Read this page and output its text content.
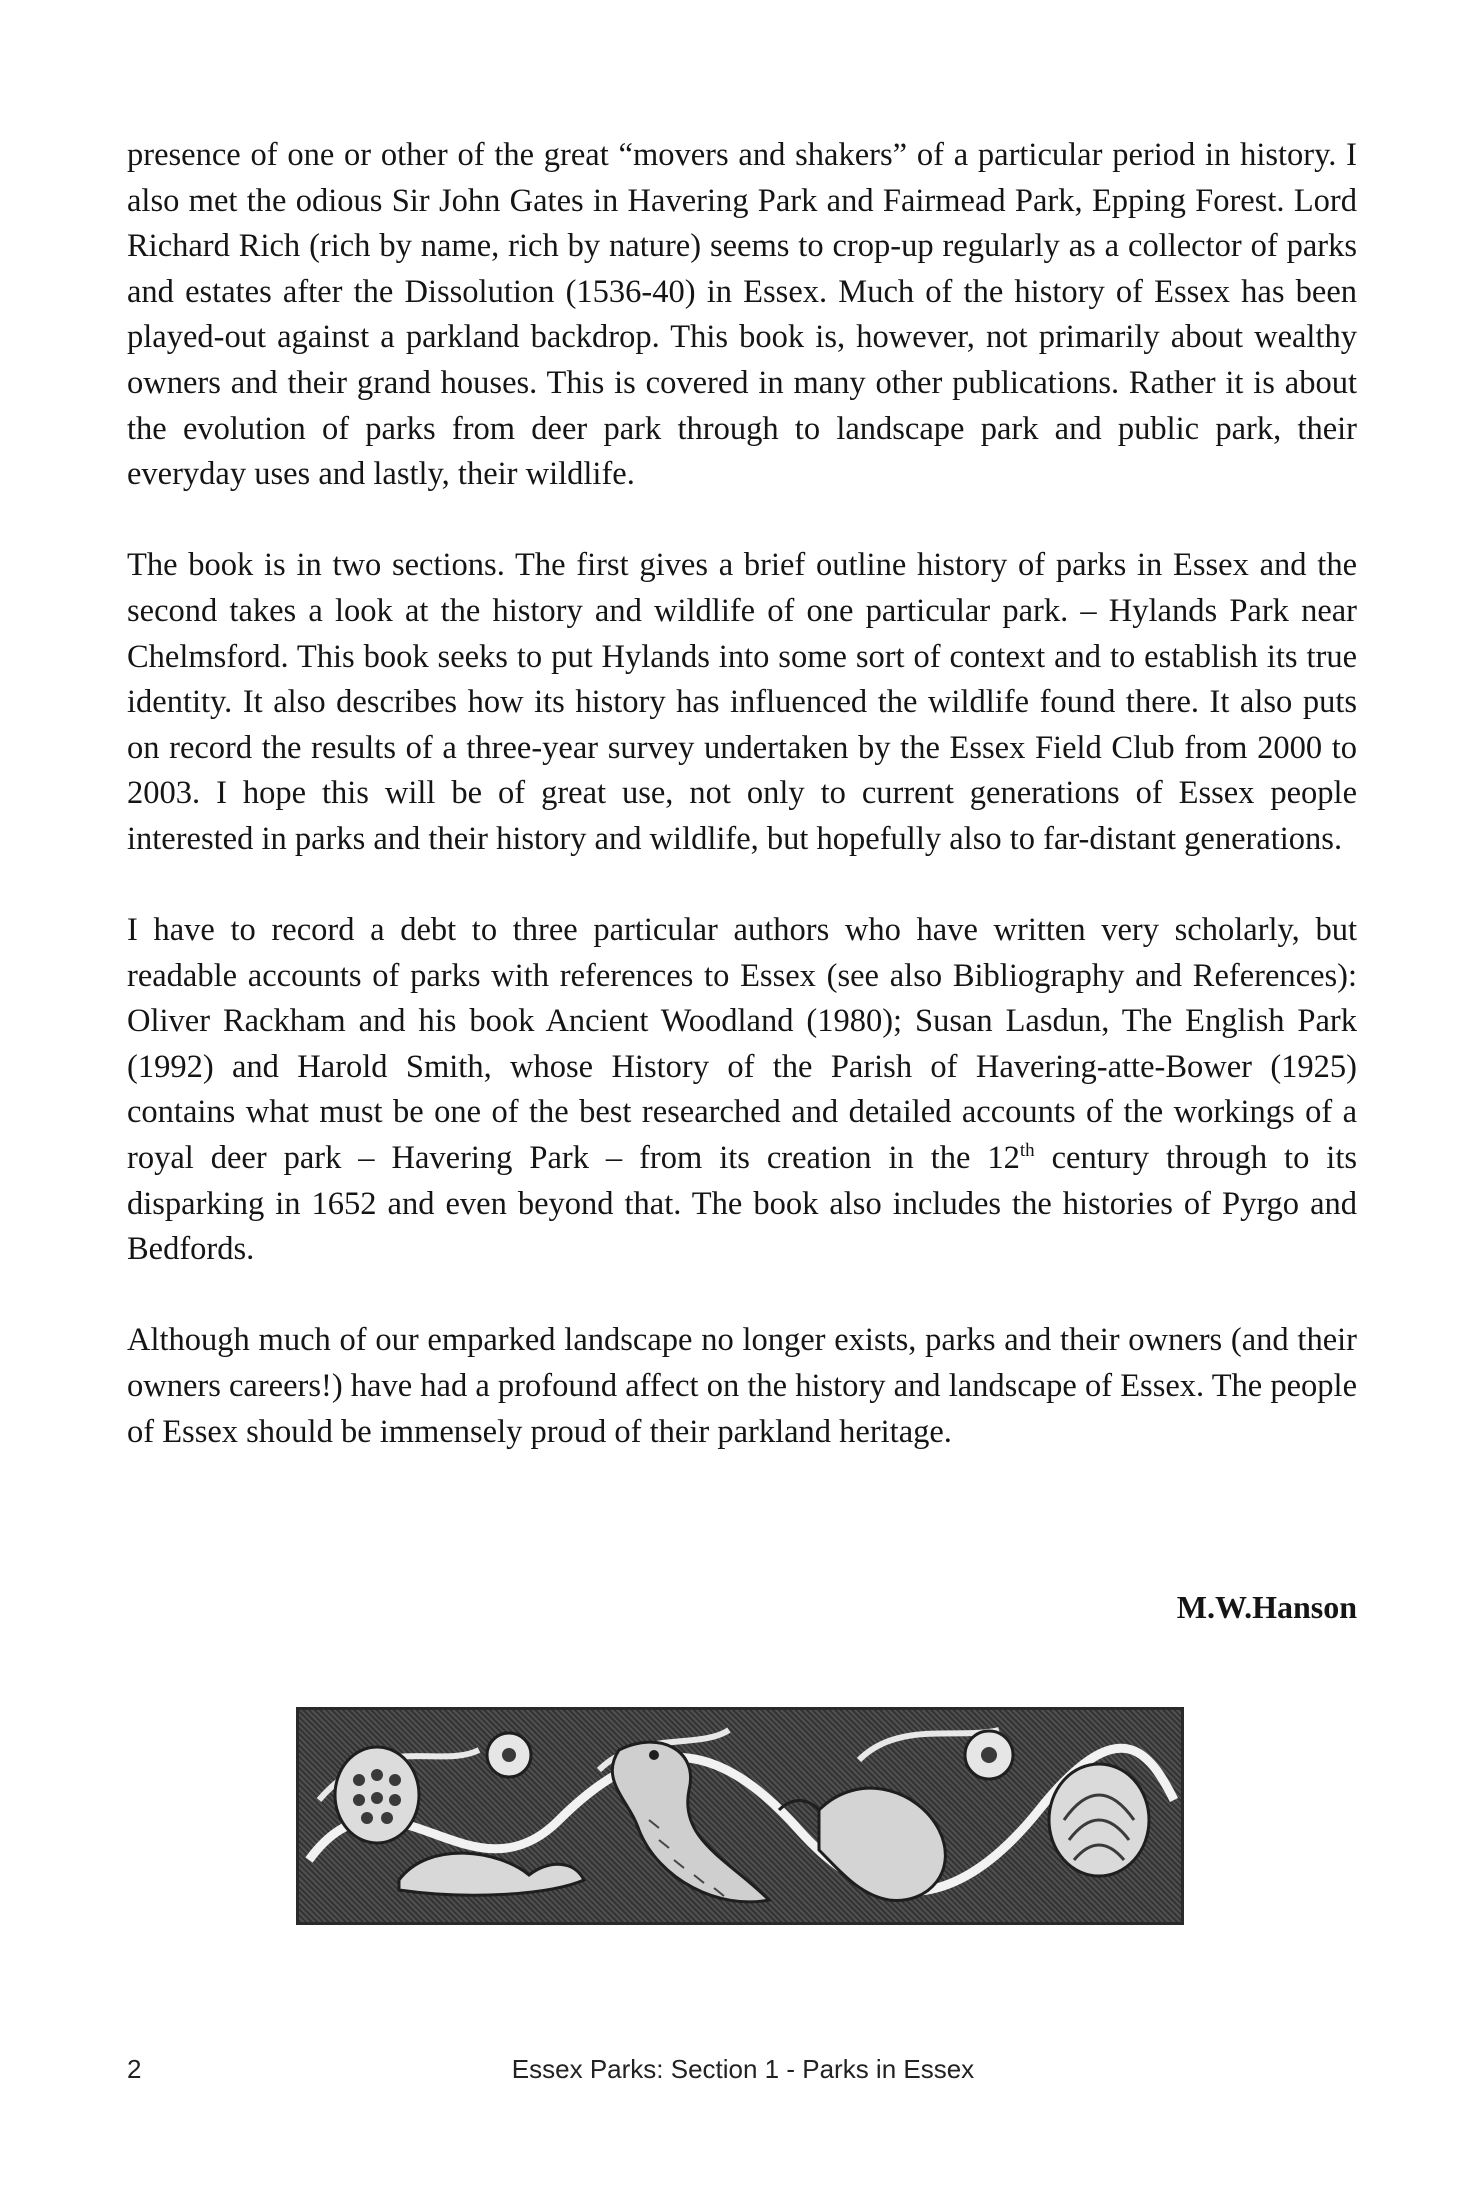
presence of one or other of the great “movers and shakers” of a particular period in history. I also met the odious Sir John Gates in Havering Park and Fairmead Park, Epping Forest. Lord Richard Rich (rich by name, rich by nature) seems to crop-up regularly as a collector of parks and estates after the Dissolution (1536-40) in Essex. Much of the history of Essex has been played-out against a parkland backdrop. This book is, however, not primarily about wealthy owners and their grand houses. This is covered in many other publications. Rather it is about the evolution of parks from deer park through to landscape park and public park, their everyday uses and lastly, their wildlife.

The book is in two sections. The first gives a brief outline history of parks in Essex and the second takes a look at the history and wildlife of one particular park. – Hylands Park near Chelmsford. This book seeks to put Hylands into some sort of context and to establish its true identity. It also describes how its history has influenced the wildlife found there. It also puts on record the results of a three-year survey undertaken by the Essex Field Club from 2000 to 2003. I hope this will be of great use, not only to current generations of Essex people interested in parks and their history and wildlife, but hopefully also to far-distant generations.

I have to record a debt to three particular authors who have written very scholarly, but readable accounts of parks with references to Essex (see also Bibliography and References): Oliver Rackham and his book Ancient Woodland (1980); Susan Lasdun, The English Park (1992) and Harold Smith, whose History of the Parish of Havering-atte-Bower (1925) contains what must be one of the best researched and detailed accounts of the workings of a royal deer park – Havering Park – from its creation in the 12th century through to its disparking in 1652 and even beyond that. The book also includes the histories of Pyrgo and Bedfords.

Although much of our emparked landscape no longer exists, parks and their owners (and their owners careers!) have had a profound affect on the history and landscape of Essex. The people of Essex should be immensely proud of their parkland heritage.

M.W.Hanson
2	Essex Parks: Section 1 - Parks in Essex
